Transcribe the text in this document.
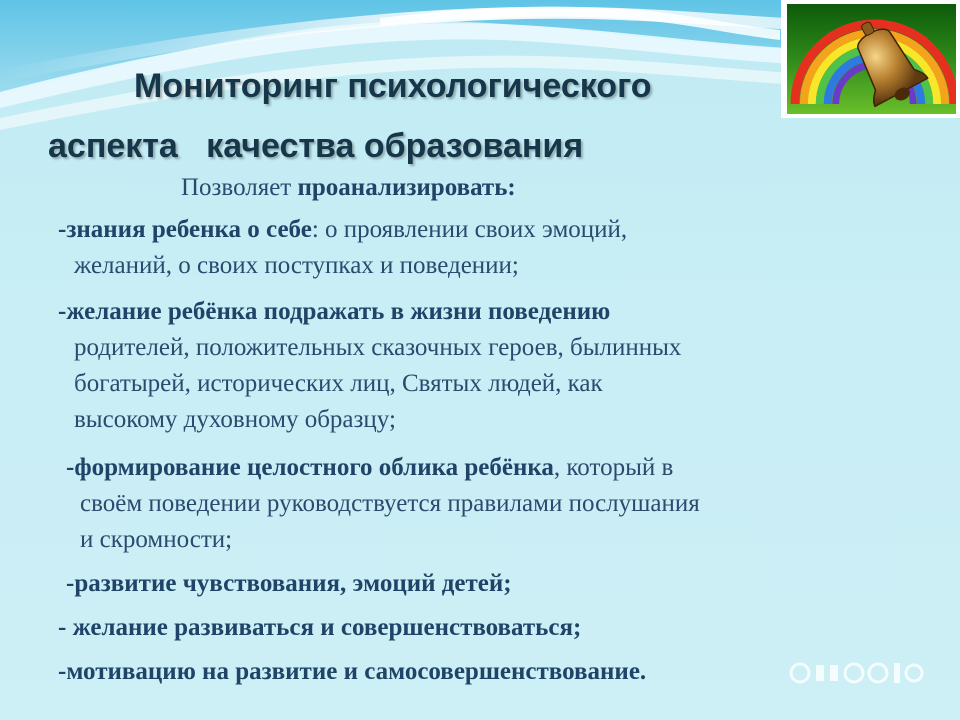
Мониторинг психологического
аспекта   качества образования

Позволяет проанализировать:

-знания ребенка о себе: о проявлении своих эмоций,
желаний, о своих поступках и поведении;

-желание ребёнка подражать в жизни поведению
родителей, положительных сказочных героев, былинных
богатырей, исторических лиц, Святых людей, как
высокому духовному образцу;

-формирование целостного облика ребёнка, который в
своём поведении руководствуется правилами послушания
и скромности;

-развитие чувствования, эмоций детей;

- желание развиваться и совершенствоваться;

-мотивацию на развитие и самосовершенствование.
